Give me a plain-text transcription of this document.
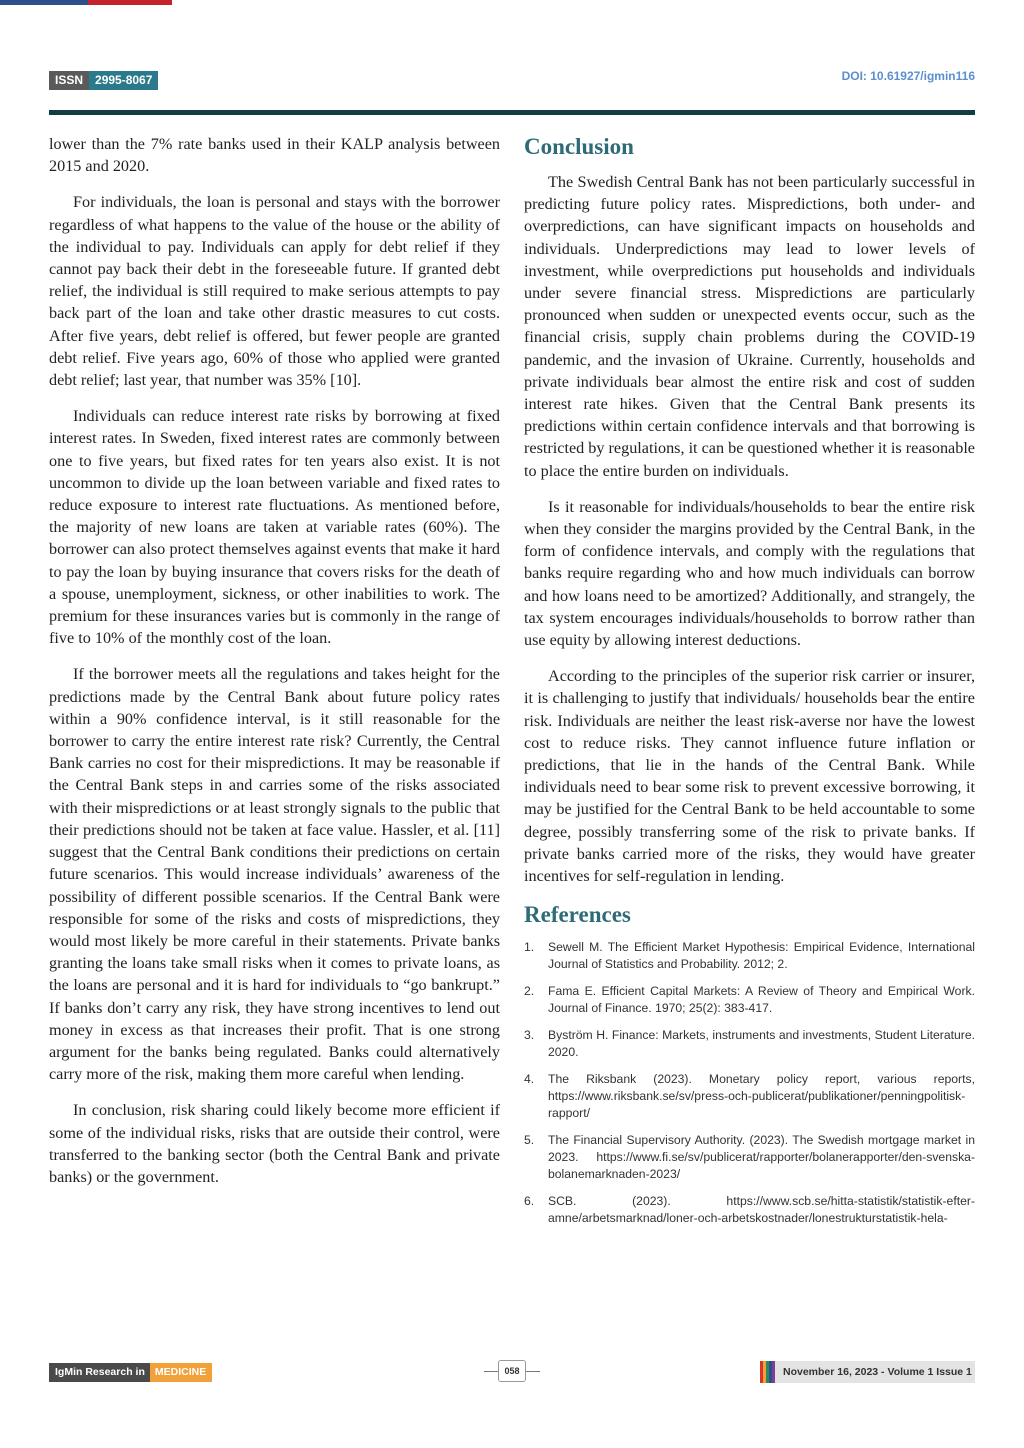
ISSN	2995-8067	DOI: 10.61927/igmin116

lower than the 7% rate banks used in their KALP analysis between 2015 and 2020.

For individuals, the loan is personal and stays with the borrower regardless of what happens to the value of the house or the ability of the individual to pay. Individuals can apply for debt relief if they cannot pay back their debt in the foreseeable future. If granted debt relief, the individual is still required to make serious attempts to pay back part of the loan and take other drastic measures to cut costs. After five years, debt relief is offered, but fewer people are granted debt relief. Five years ago, 60% of those who applied were granted debt relief; last year, that number was 35% [10].

Individuals can reduce interest rate risks by borrowing at fixed interest rates. In Sweden, fixed interest rates are commonly between one to five years, but fixed rates for ten years also exist. It is not uncommon to divide up the loan between variable and fixed rates to reduce exposure to interest rate fluctuations. As mentioned before, the majority of new loans are taken at variable rates (60%). The borrower can also protect themselves against events that make it hard to pay the loan by buying insurance that covers risks for the death of a spouse, unemployment, sickness, or other inabilities to work. The premium for these insurances varies but is commonly in the range of five to 10% of the monthly cost of the loan.

If the borrower meets all the regulations and takes height for the predictions made by the Central Bank about future policy rates within a 90% confidence interval, is it still reasonable for the borrower to carry the entire interest rate risk? Currently, the Central Bank carries no cost for their mispredictions. It may be reasonable if the Central Bank steps in and carries some of the risks associated with their mispredictions or at least strongly signals to the public that their predictions should not be taken at face value. Hassler, et al. [11] suggest that the Central Bank conditions their predictions on certain future scenarios. This would increase individuals’ awareness of the possibility of different possible scenarios. If the Central Bank were responsible for some of the risks and costs of mispredictions, they would most likely be more careful in their statements. Private banks granting the loans take small risks when it comes to private loans, as the loans are personal and it is hard for individuals to “go bankrupt.” If banks don’t carry any risk, they have strong incentives to lend out money in excess as that increases their profit. That is one strong argument for the banks being regulated. Banks could alternatively carry more of the risk, making them more careful when lending.

In conclusion, risk sharing could likely become more efficient if some of the individual risks, risks that are outside their control, were transferred to the banking sector (both the Central Bank and private banks) or the government.

Conclusion

The Swedish Central Bank has not been particularly successful in predicting future policy rates. Mispredictions, both under- and overpredictions, can have significant impacts on households and individuals. Underpredictions may lead to lower levels of investment, while overpredictions put households and individuals under severe financial stress. Mispredictions are particularly pronounced when sudden or unexpected events occur, such as the financial crisis, supply chain problems during the COVID-19 pandemic, and the invasion of Ukraine. Currently, households and private individuals bear almost the entire risk and cost of sudden interest rate hikes. Given that the Central Bank presents its predictions within certain confidence intervals and that borrowing is restricted by regulations, it can be questioned whether it is reasonable to place the entire burden on individuals.

Is it reasonable for individuals/households to bear the entire risk when they consider the margins provided by the Central Bank, in the form of confidence intervals, and comply with the regulations that banks require regarding who and how much individuals can borrow and how loans need to be amortized? Additionally, and strangely, the tax system encourages individuals/households to borrow rather than use equity by allowing interest deductions.

According to the principles of the superior risk carrier or insurer, it is challenging to justify that individuals/ households bear the entire risk. Individuals are neither the least risk-averse nor have the lowest cost to reduce risks. They cannot influence future inflation or predictions, that lie in the hands of the Central Bank. While individuals need to bear some risk to prevent excessive borrowing, it may be justified for the Central Bank to be held accountable to some degree, possibly transferring some of the risk to private banks. If private banks carried more of the risks, they would have greater incentives for self-regulation in lending.

References
1.	Sewell M. The Efficient Market Hypothesis: Empirical Evidence, International Journal of Statistics and Probability. 2012; 2.
2.	Fama E. Efficient Capital Markets: A Review of Theory and Empirical Work. Journal of Finance. 1970; 25(2): 383-417.
3.	Byström H. Finance: Markets, instruments and investments, Student Literature. 2020.
4.	The Riksbank (2023). Monetary policy report, various reports, https://www.riksbank.se/sv/press-och-publicerat/publikationer/penningpolitisk-rapport/
5.	The Financial Supervisory Authority. (2023). The Swedish mortgage market in 2023. https://www.fi.se/sv/publicerat/rapporter/bolanerapporter/den-svenska-bolanemarknaden-2023/
6.	SCB. (2023). https://www.scb.se/hitta-statistik/statistik-efter-amne/arbetsmarknad/loner-och-arbetskostnader/lonestrukturstatistik-hela-
IgMin Research in MEDICINE	058	November 16, 2023 - Volume 1 Issue 1
